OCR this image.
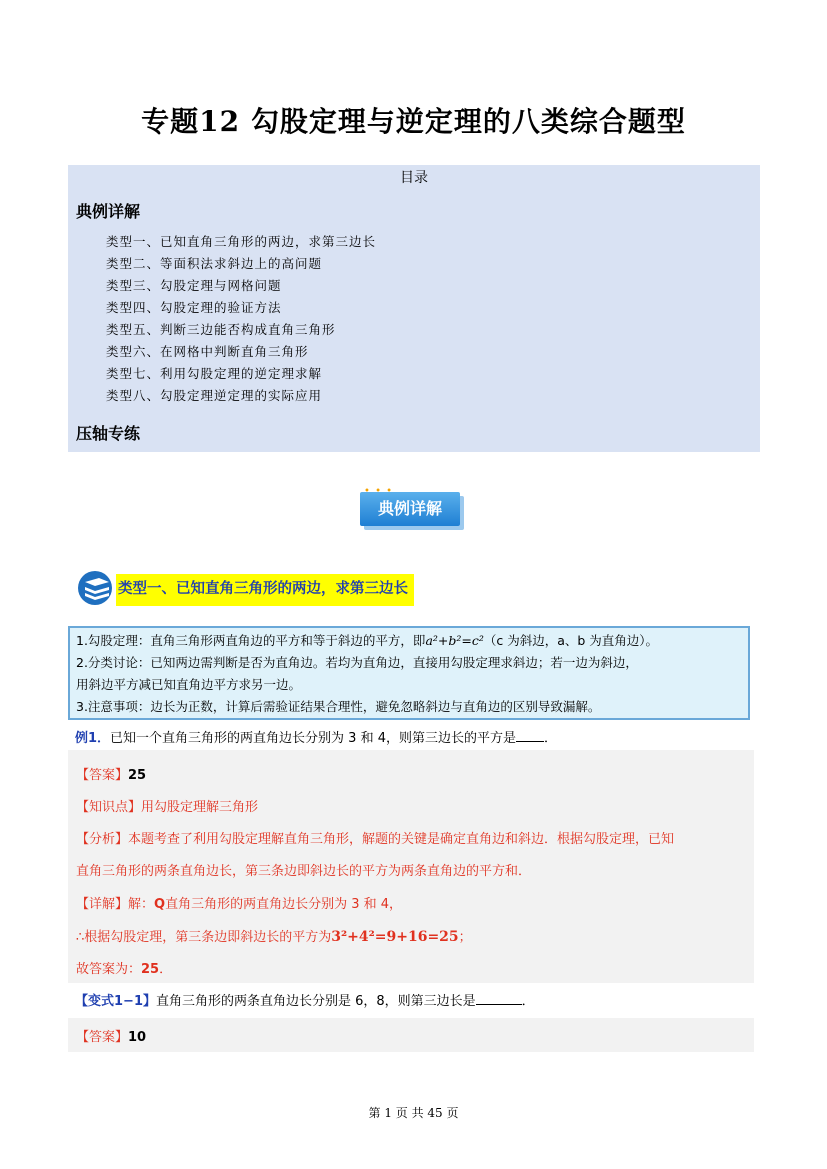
专题12 勾股定理与逆定理的八类综合题型
目录
典例详解
类型一、已知直角三角形的两边，求第三边长
类型二、等面积法求斜边上的高问题
类型三、勾股定理与网格问题
类型四、勾股定理的验证方法
类型五、判断三边能否构成直角三角形
类型六、在网格中判断直角三角形
类型七、利用勾股定理的逆定理求解
类型八、勾股定理逆定理的实际应用
压轴专练
典例详解
• • •
类型一、已知直角三角形的两边，求第三边长
1.勾股定理：直角三角形两直角边的平方和等于斜边的平方，即a²+b²=c²（c 为斜边，a、b 为直角边）。
2.分类讨论：已知两边需判断是否为直角边。若均为直角边，直接用勾股定理求斜边；若一边为斜边，
用斜边平方减已知直角边平方求另一边。
3.注意事项：边长为正数，计算后需验证结果合理性，避免忽略斜边与直角边的区别导致漏解。
例1．已知一个直角三角形的两直角边长分别为 3 和 4，则第三边长的平方是 ．
【答案】25
【知识点】用勾股定理解三角形
【分析】本题考查了利用勾股定理解直角三角形，解题的关键是确定直角边和斜边．根据勾股定理，已知
直角三角形的两条直角边长，第三条边即斜边长的平方为两条直角边的平方和．
【详解】解：Q直角三角形的两直角边长分别为 3 和 4，
∴根据勾股定理，第三条边即斜边长的平方为3²+4²=9+16=25；
故答案为：25．
【变式1−1】直角三角形的两条直角边长分别是 6，8，则第三边长是	．
【答案】10
第 1 页 共 45 页
